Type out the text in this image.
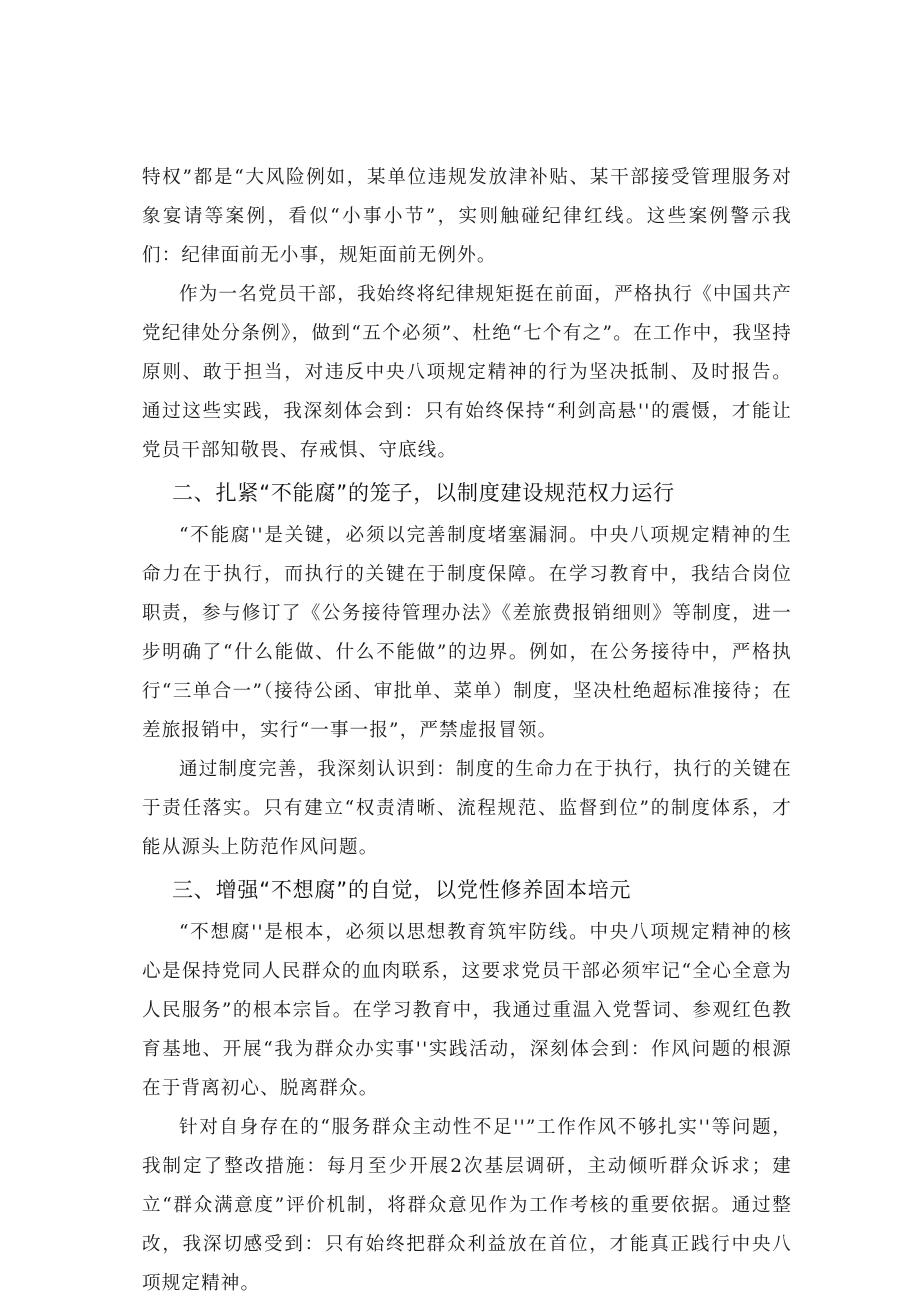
特权”都是“大风险例如，某单位违规发放津补贴、某干部接受管理服务对象宴请等案例，看似“小事小节”，实则触碰纪律红线。这些案例警示我们：纪律面前无小事，规矩面前无例外。

作为一名党员干部，我始终将纪律规矩挺在前面，严格执行《中国共产党纪律处分条例》，做到“五个必须”、杜绝“七个有之”。在工作中，我坚持原则、敢于担当，对违反中央八项规定精神的行为坚决抵制、及时报告。通过这些实践，我深刻体会到：只有始终保持“利剑高悬''的震慑，才能让党员干部知敬畏、存戒惧、守底线。

二、扎紧“不能腐”的笼子，以制度建设规范权力运行

“不能腐''是关键，必须以完善制度堵塞漏洞。中央八项规定精神的生命力在于执行，而执行的关键在于制度保障。在学习教育中，我结合岗位职责，参与修订了《公务接待管理办法》《差旅费报销细则》等制度，进一步明确了“什么能做、什么不能做”的边界。例如，在公务接待中，严格执行“三单合一”（接待公函、审批单、菜单）制度，坚决杜绝超标准接待；在差旅报销中，实行“一事一报”，严禁虚报冒领。

通过制度完善，我深刻认识到：制度的生命力在于执行，执行的关键在于责任落实。只有建立“权责清晰、流程规范、监督到位”的制度体系，才能从源头上防范作风问题。

三、增强“不想腐”的自觉，以党性修养固本培元

“不想腐''是根本，必须以思想教育筑牢防线。中央八项规定精神的核心是保持党同人民群众的血肉联系，这要求党员干部必须牢记“全心全意为人民服务”的根本宗旨。在学习教育中，我通过重温入党誓词、参观红色教育基地、开展“我为群众办实事''实践活动，深刻体会到：作风问题的根源在于背离初心、脱离群众。

针对自身存在的“服务群众主动性不足''”工作作风不够扎实''等问题，我制定了整改措施：每月至少开展2次基层调研，主动倾听群众诉求；建立“群众满意度”评价机制，将群众意见作为工作考核的重要依据。通过整改，我深切感受到：只有始终把群众利益放在首位，才能真正践行中央八项规定精神。
